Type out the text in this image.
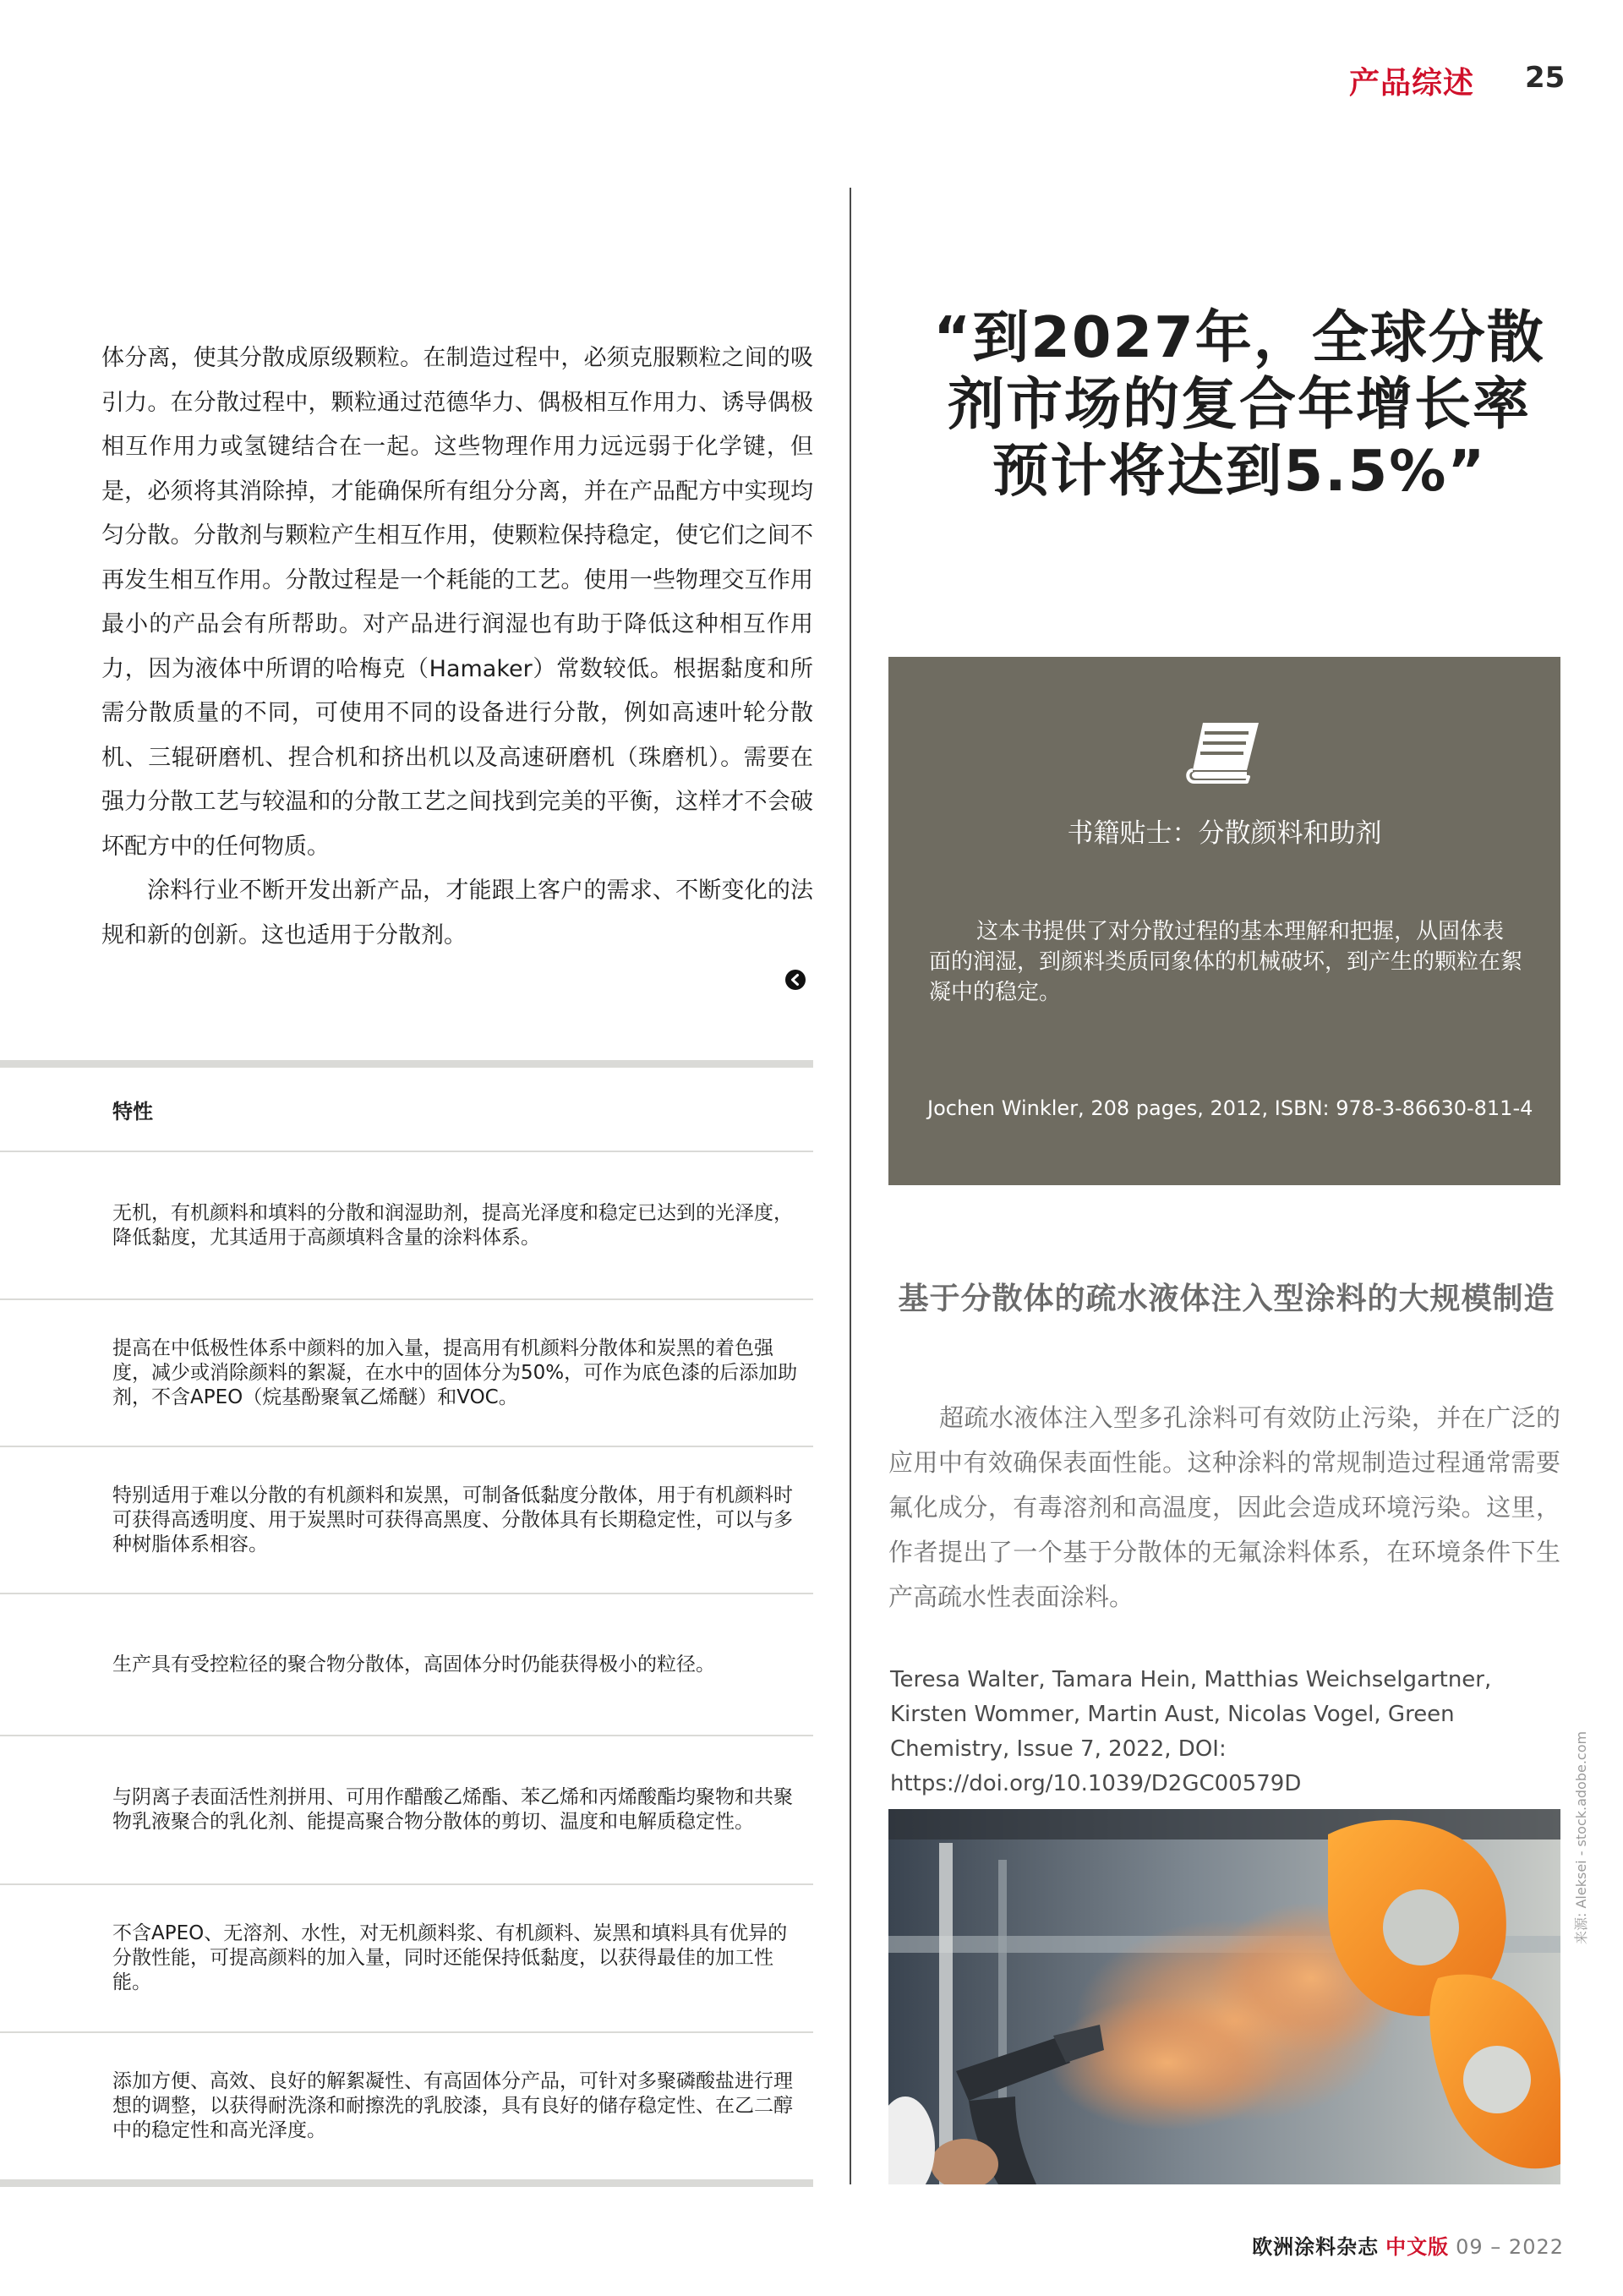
产品综述 25

体分离，使其分散成原级颗粒。在制造过程中，必须克服颗粒之间的吸引力。在分散过程中，颗粒通过范德华力、偶极相互作用力、诱导偶极相互作用力或氢键结合在一起。这些物理作用力远远弱于化学键，但是，必须将其消除掉，才能确保所有组分分离，并在产品配方中实现均匀分散。分散剂与颗粒产生相互作用，使颗粒保持稳定，使它们之间不再发生相互作用。分散过程是一个耗能的工艺。使用一些物理交互作用最小的产品会有所帮助。对产品进行润湿也有助于降低这种相互作用力，因为液体中所谓的哈梅克（Hamaker）常数较低。根据黏度和所需分散质量的不同，可使用不同的设备进行分散，例如高速叶轮分散机、三辊研磨机、捏合机和挤出机以及高速研磨机（珠磨机）。需要在强力分散工艺与较温和的分散工艺之间找到完美的平衡，这样才不会破坏配方中的任何物质。

涂料行业不断开发出新产品，才能跟上客户的需求、不断变化的法规和新的创新。这也适用于分散剂。

特性
无机，有机颜料和填料的分散和润湿助剂，提高光泽度和稳定已达到的光泽度，降低黏度，尤其适用于高颜填料含量的涂料体系。
提高在中低极性体系中颜料的加入量，提高用有机颜料分散体和炭黑的着色强度，减少或消除颜料的絮凝，在水中的固体分为50%，可作为底色漆的后添加助剂，不含APEO（烷基酚聚氧乙烯醚）和VOC。
特别适用于难以分散的有机颜料和炭黑，可制备低黏度分散体，用于有机颜料时可获得高透明度、用于炭黑时可获得高黑度、分散体具有长期稳定性，可以与多种树脂体系相容。
生产具有受控粒径的聚合物分散体，高固体分时仍能获得极小的粒径。
与阴离子表面活性剂拼用、可用作醋酸乙烯酯、苯乙烯和丙烯酸酯均聚物和共聚物乳液聚合的乳化剂、能提高聚合物分散体的剪切、温度和电解质稳定性。
不含APEO、无溶剂、水性，对无机颜料浆、有机颜料、炭黑和填料具有优异的分散性能，可提高颜料的加入量，同时还能保持低黏度，以获得最佳的加工性能。
添加方便、高效、良好的解絮凝性、有高固体分产品，可针对多聚磷酸盐进行理想的调整，以获得耐洗涤和耐擦洗的乳胶漆，具有良好的储存稳定性、在乙二醇中的稳定性和高光泽度。
“到2027年，全球分散
剂市场的复合年增长率
预计将达到5.5%”
书籍贴士：分散颜料和助剂
这本书提供了对分散过程的基本理解和把握，从固体表面的润湿，到颜料类质同象体的机械破坏，到产生的颗粒在絮凝中的稳定。
Jochen Winkler, 208 pages, 2012, ISBN: 978-3-86630-811-4
基于分散体的疏水液体注入型涂料的大规模制造

超疏水液体注入型多孔涂料可有效防止污染，并在广泛的应用中有效确保表面性能。这种涂料的常规制造过程通常需要氟化成分，有毒溶剂和高温度，因此会造成环境污染。这里，作者提出了一个基于分散体的无氟涂料体系，在环境条件下生产高疏水性表面涂料。

Teresa Walter, Tamara Hein, Matthias Weichselgartner, Kirsten Wommer, Martin Aust, Nicolas Vogel, Green Chemistry, Issue 7, 2022, DOI: https://doi.org/10.1039/D2GC00579D	来源: Aleksei - stock.adobe.com
欧洲涂料杂志 中文版 09 – 2022
